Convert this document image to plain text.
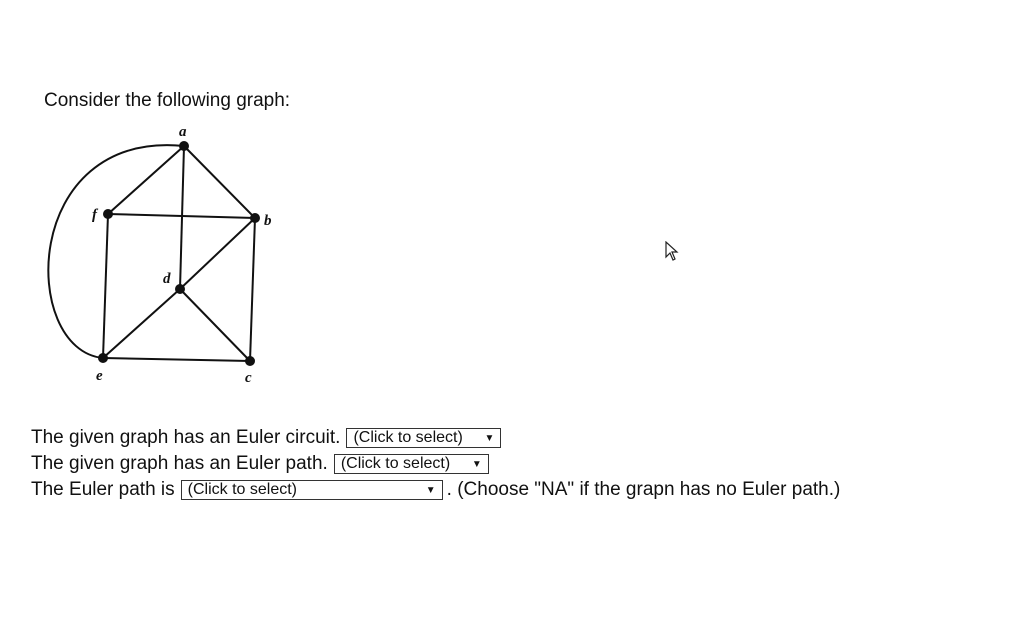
Consider the following graph:
a
f	b
d
e	c
The given graph has an Euler circuit. (Click to select) ▼
The given graph has an Euler path. (Click to select) ▼
The Euler path is (Click to select)	▼ . (Choose "NA" if the grapn has no Euler path.)
